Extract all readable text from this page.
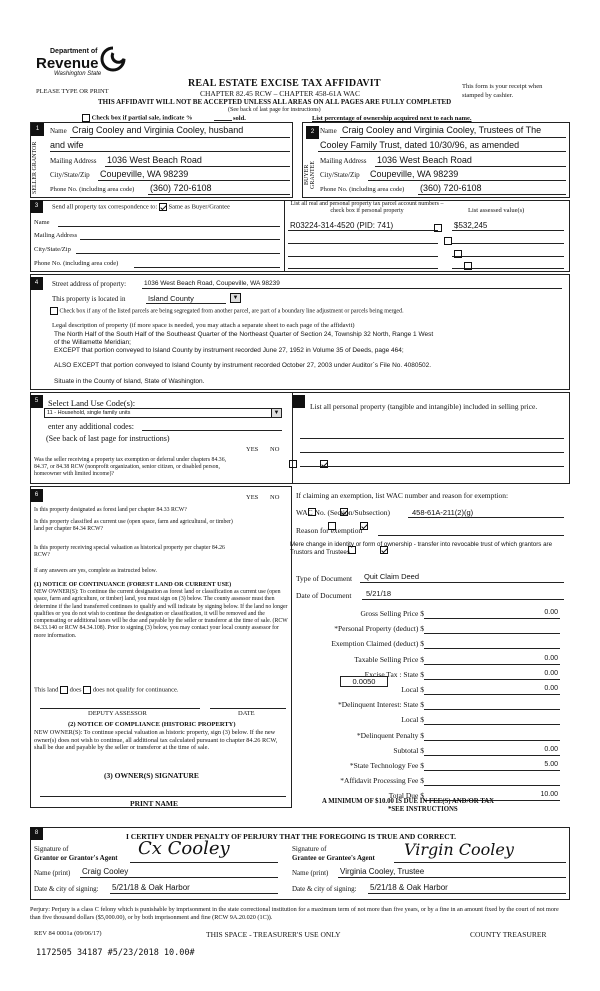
Department of
Revenue
Washington State
PLEASE TYPE OR PRINT
REAL ESTATE EXCISE TAX AFFIDAVIT
CHAPTER 82.45 RCW – CHAPTER 458-61A WAC
THIS AFFIDAVIT WILL NOT BE ACCEPTED UNLESS ALL AREAS ON ALL PAGES ARE FULLY COMPLETED
(See back of last page for instructions)
This form is your receipt when stamped by cashier.
Check box if partial sale, indicate %	sold.	List percentage of ownership acquired next to each name.
1
SELLER GRANTOR
Name Craig Cooley and Virginia Cooley, husband
and wife
Mailing Address 1036 West Beach Road
City/State/Zip Coupeville, WA 98239
Phone No. (including area code) (360) 720-6108
2
BUYER GRANTEE
Name Craig Cooley and Virginia Cooley, Trustees of The
Cooley Family Trust, dated 10/30/96, as amended
Mailing Address 1036 West Beach Road
City/State/Zip Coupeville, WA 98239
Phone No. (including area code) (360) 720-6108
3	Send all property tax correspondence to: Same as Buyer/Grantee
Name
Mailing Address
City/State/Zip
Phone No. (including area code)
List all real and personal property tax parcel account numbers – check box if personal property	List assessed value(s)
R03224-314-4520 (PID: 741)	$532,245

4	Street address of property:	1036 West Beach Road, Coupeville, WA 98239
This property is located in	Island County	▼
Check box if any of the listed parcels are being segregated from another parcel, are part of a boundary line adjustment or parcels being merged.
Legal description of property (if more space is needed, you may attach a separate sheet to each page of the affidavit)
The North Half of the South Half of the Southeast Quarter of the Northeast Quarter of Section 24, Township 32 North, Range 1 West
of the Willamette Meridian;
EXCEPT that portion conveyed to Island County by instrument recorded June 27, 1952 in Volume 35 of Deeds, page 464;
ALSO EXCEPT that portion conveyed to Island County by instrument recorded October 27, 2003 under Auditor`s File No. 4080502.
Situate in the County of Island, State of Washington.
5	Select Land Use Code(s):
11 - Household, single family units	▼
enter any additional codes:
(See back of last page for instructions)
YES NO
Was the seller receiving a property tax exemption or deferral under chapters 84.36, 84.37, or 84.38 RCW (nonprofit organization, senior citizen, or disabled person, homeowner with limited income)?

List all personal property (tangible and intangible) included in selling price.
6	YES NO
Is this property designated as forest land per chapter 84.33 RCW?

Is this property classified as current use (open space, farm and agricultural, or timber) land per chapter 84.34 RCW?

Is this property receiving special valuation as historical property per chapter 84.26 RCW?

If any answers are yes, complete as instructed below.
(1) NOTICE OF CONTINUANCE (FOREST LAND OR CURRENT USE)
NEW OWNER(S): To continue the current designation as forest land or classification as current use (open space, farm and agriculture, or timber) land, you must sign on (3) below. The county assessor must then determine if the land transferred continues to qualify and will indicate by signing below. If the land no longer qualifies or you do not wish to continue the designation or classification, it will be removed and the compensating or additional taxes will be due and payable by the seller or transferor at the time of sale. (RCW 84.33.140 or RCW 84.34.108). Prior to signing (3) below, you may contact your local county assessor for more information.
This land does does not qualify for continuance.
DEPUTY ASSESSOR	DATE
(2) NOTICE OF COMPLIANCE (HISTORIC PROPERTY)
NEW OWNER(S): To continue special valuation as historic property, sign (3) below. If the new owner(s) does not wish to continue, all additional tax calculated pursuant to chapter 84.26 RCW, shall be due and payable by the seller or transferor at the time of sale.
(3) OWNER(S) SIGNATURE
PRINT NAME
If claiming an exemption, list WAC number and reason for exemption:
WAC No. (Section/Subsection)	458-61A-211(2)(g)
Reason for exemption
Mere change in identity or form of ownership - transfer into revocable trust of which grantors are Trustors and Trustees
Type of Document Quit Claim Deed
Date of Document 5/21/18
Gross Selling Price $	0.00
*Personal Property (deduct) $
Exemption Claimed (deduct) $
Taxable Selling Price $	0.00
Excise Tax : State $	0.00
Local $	0.00
*Delinquent Interest: State $
Local $
*Delinquent Penalty $
Subtotal $	0.00
*State Technology Fee $	5.00
*Affidavit Processing Fee $
Total Due $	10.00
0.0050
A MINIMUM OF $10.00 IS DUE IN FEE(S) AND/OR TAX
*SEE INSTRUCTIONS
8	I CERTIFY UNDER PENALTY OF PERJURY THAT THE FOREGOING IS TRUE AND CORRECT.
Signature of
Grantor or Grantor's Agent Cx Cooley
Name (print) Craig Cooley
Date & city of signing: 5/21/18 & Oak Harbor
Signature of
Grantee or Grantee's Agent Virgin Cooley
Name (print) Virginia Cooley, Trustee
Date & city of signing: 5/21/18 & Oak Harbor
Perjury: Perjury is a class C felony which is punishable by imprisonment in the state correctional institution for a maximum term of not more than five years, or by a fine in an amount fixed by the court of not more than five thousand dollars ($5,000.00), or by both imprisonment and fine (RCW 9A.20.020 (1C)).
REV 84 0001a (09/06/17)	THIS SPACE - TREASURER'S USE ONLY	COUNTY TREASURER
1172505 34187 #5/23/2018 10.00#
